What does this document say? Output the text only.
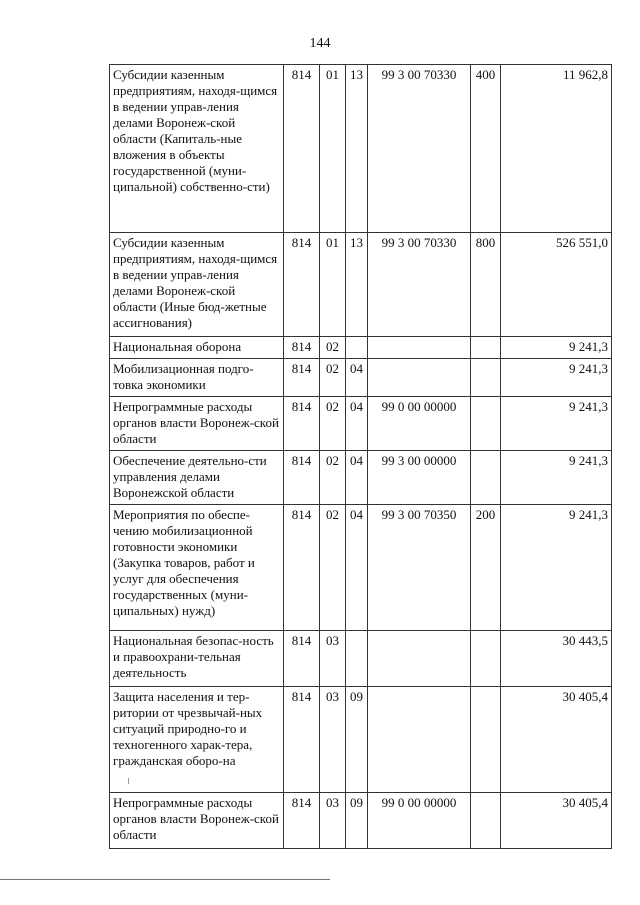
144
Субсидии казенным предприятиям, находя-щимся в ведении управ-ления делами Воронеж-ской области (Капиталь-ные вложения в объекты государственной (муни-ципальной) собственно-сти)	814	01	13	99 3 00 70330	400	11 962,8
Субсидии казенным предприятиям, находя-щимся в ведении управ-ления делами Воронеж-ской области (Иные бюд-жетные ассигнования)	814	01	13	99 3 00 70330	800	526 551,0
Национальная оборона	814	02				9 241,3
Мобилизационная подго-товка экономики	814	02	04			9 241,3
Непрограммные расходы органов власти Воронеж-ской области	814	02	04	99 0 00 00000		9 241,3
Обеспечение деятельно-сти управления делами Воронежской области	814	02	04	99 3 00 00000		9 241,3
Мероприятия по обеспе-чению мобилизационной готовности экономики (Закупка товаров, работ и услуг для обеспечения государственных (муни-ципальных) нужд)	814	02	04	99 3 00 70350	200	9 241,3
Национальная безопас-ность и правоохрани-тельная деятельность	814	03				30 443,5
Защита населения и тер-ритории от чрезвычай-ных ситуаций природно-го и техногенного харак-тера, гражданская оборо-на	814	03	09			30 405,4
Непрограммные расходы органов власти Воронеж-ской области	814	03	09	99 0 00 00000		30 405,4
